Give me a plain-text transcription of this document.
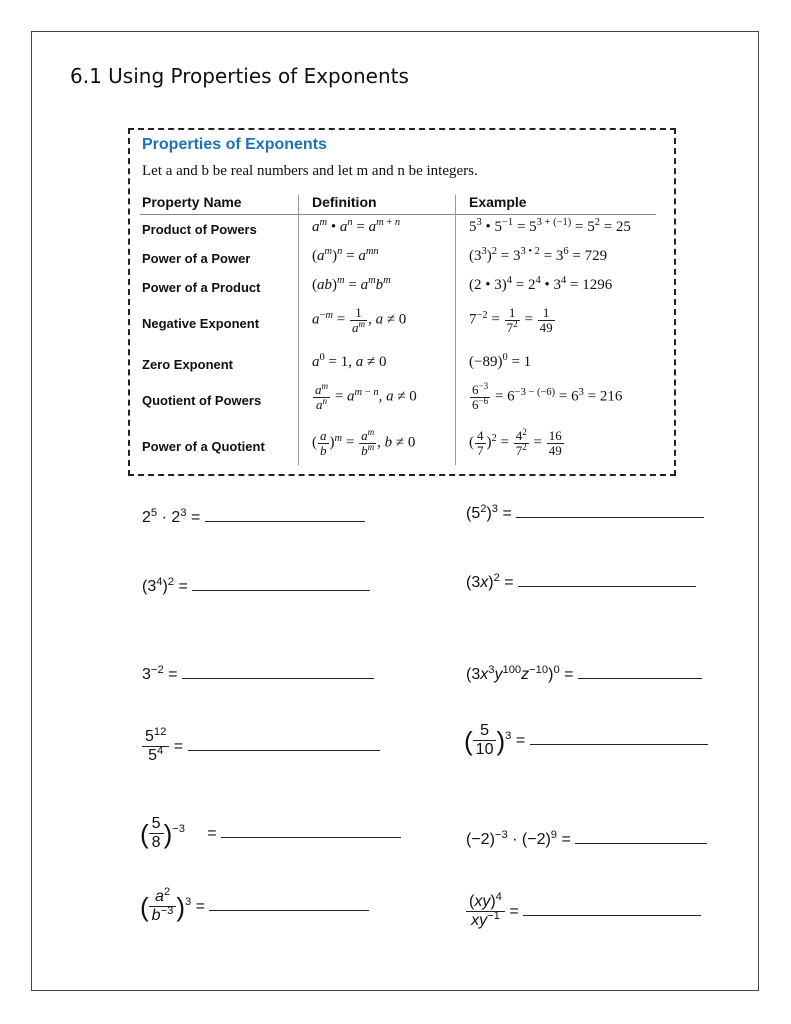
6.1 Using Properties of Exponents
Properties of Exponents
Let a and b be real numbers and let m and n be integers.
Property Name	Definition	Example
Product of Powers	$a^m$ • $a^n = a^{m + n}$	$5^3$ • $5^{-1} = 5^{3 + (-1)} = 5^2 = 25$
Power of a Power	$(a^m)^n = a^{mn}$	$(3^3)^2 = 3^{3 • 2} = 3^6 = 729$
Power of a Product	$(ab)^m = a^mb^m$	(2 • $3)^4 = 2^4$ • $3^4 = 1296$
Negative Exponent	$a^{-m} = \frac{1}{a^m}$ , a ≠ 0	$7^{-2} = \frac{1}{7^2} = \frac{1}{49}$
Zero Exponent	$a^0 = 1$, a ≠ 0	$(-89)^0 = 1$
Quotient of Powers	$\frac{a^m}{a^n} = a^{m - n}$, a ≠ 0	$\frac{6^{-3}}{6^{-6}} = 6^{-3 - (-6)} = 6^3 = 216$
Power of a Quotient	( $\frac{a}{b} )^m = \frac{a^m}{b^m}$ , b ≠ 0	( $\frac{4}{7} )^2 = \frac{4^2}{7^2} = \frac{16}{49}$
$2^5 \cdot 2^3$ =
$(3^4)^2$ =
$3^{-2}$ =
$\frac{5^{12}}{5^4}$ =
( $\frac{5}{8} )^{-3}$     =
( $\frac{a^2}{b^{-3}} )^3$ =
$(5^2)^3$ =
$(3x)^2$ =
$(3x^3y^{100}z^{-10})^0$ =
( $\frac{5}{10} )^3$ =
$(-2)^{-3} \cdot (-2)^9$ =
$\frac{(xy)^4}{xy^{-1}}$ =
